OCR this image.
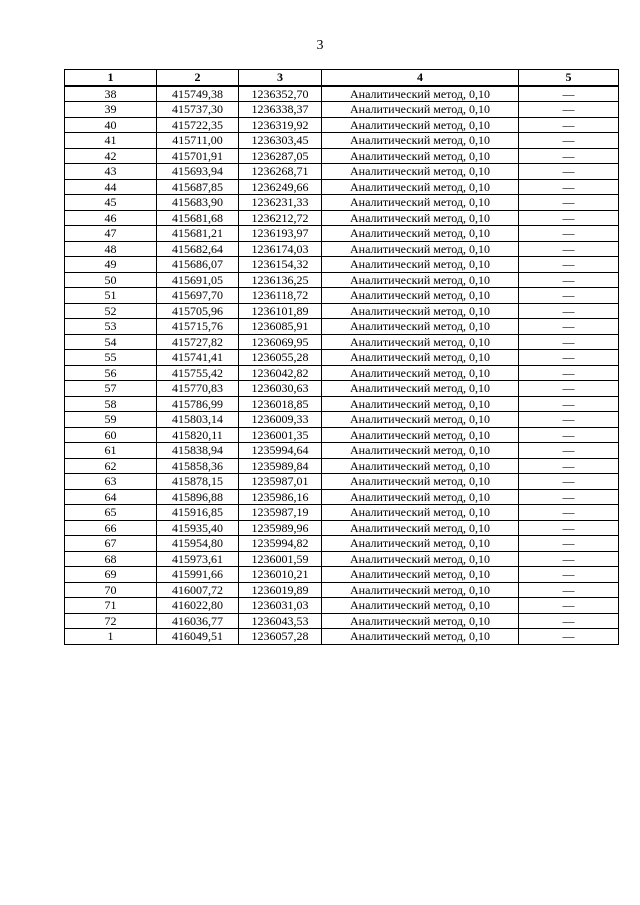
3
1	2	3	4	5
38	415749,38	1236352,70	Аналитический метод, 0,10	—
39	415737,30	1236338,37	Аналитический метод, 0,10	—
40	415722,35	1236319,92	Аналитический метод, 0,10	—
41	415711,00	1236303,45	Аналитический метод, 0,10	—
42	415701,91	1236287,05	Аналитический метод, 0,10	—
43	415693,94	1236268,71	Аналитический метод, 0,10	—
44	415687,85	1236249,66	Аналитический метод, 0,10	—
45	415683,90	1236231,33	Аналитический метод, 0,10	—
46	415681,68	1236212,72	Аналитический метод, 0,10	—
47	415681,21	1236193,97	Аналитический метод, 0,10	—
48	415682,64	1236174,03	Аналитический метод, 0,10	—
49	415686,07	1236154,32	Аналитический метод, 0,10	—
50	415691,05	1236136,25	Аналитический метод, 0,10	—
51	415697,70	1236118,72	Аналитический метод, 0,10	—
52	415705,96	1236101,89	Аналитический метод, 0,10	—
53	415715,76	1236085,91	Аналитический метод, 0,10	—
54	415727,82	1236069,95	Аналитический метод, 0,10	—
55	415741,41	1236055,28	Аналитический метод, 0,10	—
56	415755,42	1236042,82	Аналитический метод, 0,10	—
57	415770,83	1236030,63	Аналитический метод, 0,10	—
58	415786,99	1236018,85	Аналитический метод, 0,10	—
59	415803,14	1236009,33	Аналитический метод, 0,10	—
60	415820,11	1236001,35	Аналитический метод, 0,10	—
61	415838,94	1235994,64	Аналитический метод, 0,10	—
62	415858,36	1235989,84	Аналитический метод, 0,10	—
63	415878,15	1235987,01	Аналитический метод, 0,10	—
64	415896,88	1235986,16	Аналитический метод, 0,10	—
65	415916,85	1235987,19	Аналитический метод, 0,10	—
66	415935,40	1235989,96	Аналитический метод, 0,10	—
67	415954,80	1235994,82	Аналитический метод, 0,10	—
68	415973,61	1236001,59	Аналитический метод, 0,10	—
69	415991,66	1236010,21	Аналитический метод, 0,10	—
70	416007,72	1236019,89	Аналитический метод, 0,10	—
71	416022,80	1236031,03	Аналитический метод, 0,10	—
72	416036,77	1236043,53	Аналитический метод, 0,10	—
1	416049,51	1236057,28	Аналитический метод, 0,10	—
